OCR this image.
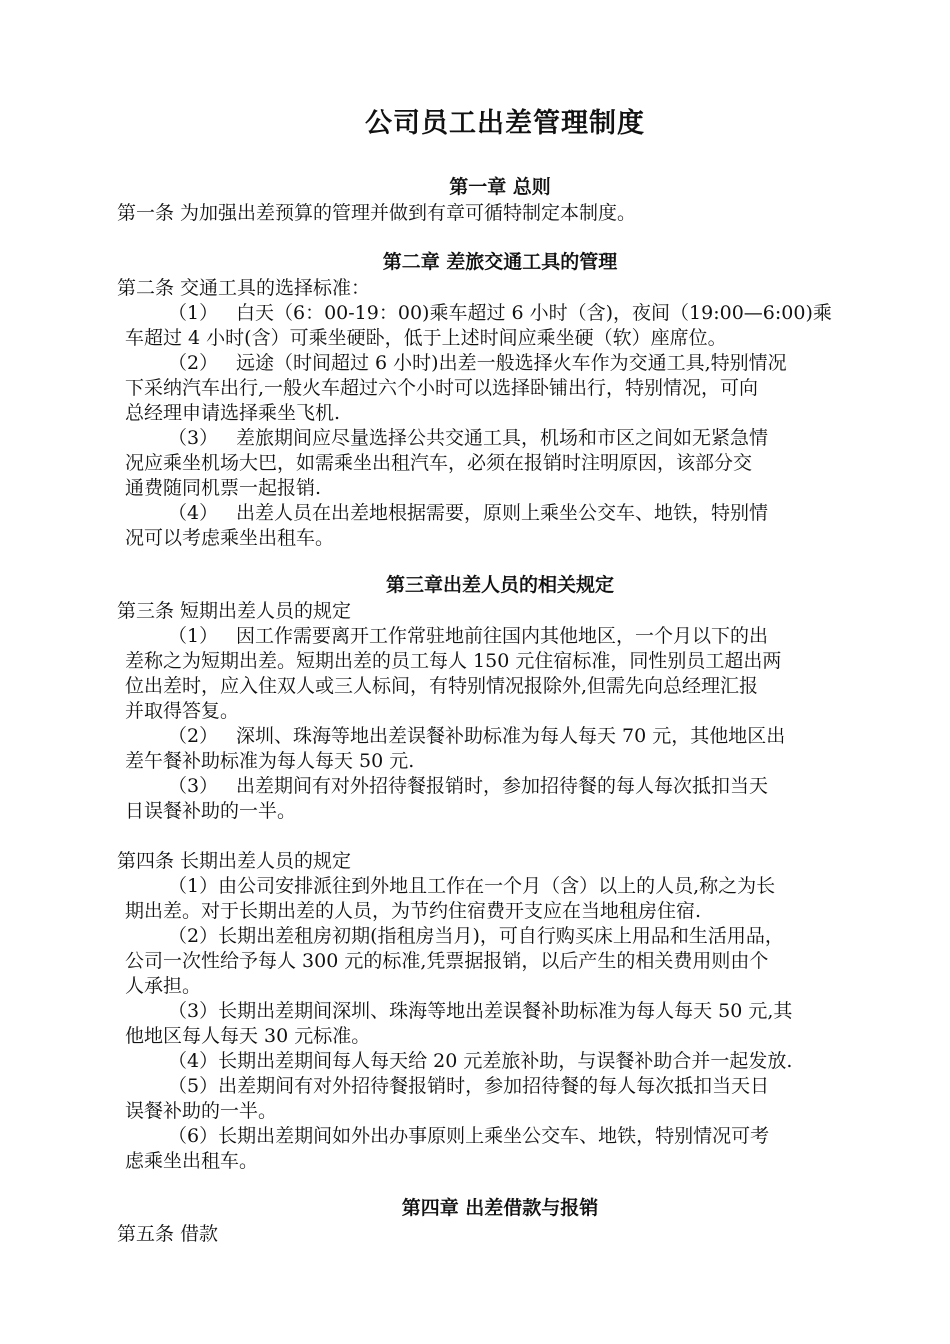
公司员工出差管理制度
第一章 总则
第一条 为加强出差预算的管理并做到有章可循特制定本制度。
第二章 差旅交通工具的管理
第二条 交通工具的选择标准：
（1） 白天（6：00-19：00)乘车超过 6 小时（含)，夜间（19:00—6:00)乘
车超过 4 小时(含）可乘坐硬卧，低于上述时间应乘坐硬（软）座席位。
（2） 远途（时间超过 6 小时)出差一般选择火车作为交通工具,特别情况
下采纳汽车出行,一般火车超过六个小时可以选择卧铺出行，特别情况，可向
总经理申请选择乘坐飞机.
（3） 差旅期间应尽量选择公共交通工具，机场和市区之间如无紧急情
况应乘坐机场大巴，如需乘坐出租汽车，必须在报销时注明原因，该部分交
通费随同机票一起报销.
（4） 出差人员在出差地根据需要，原则上乘坐公交车、地铁，特别情
况可以考虑乘坐出租车。
第三章出差人员的相关规定
第三条 短期出差人员的规定
（1） 因工作需要离开工作常驻地前往国内其他地区，一个月以下的出
差称之为短期出差。短期出差的员工每人 150 元住宿标准，同性别员工超出两
位出差时，应入住双人或三人标间，有特别情况报除外,但需先向总经理汇报
并取得答复。
（2） 深圳、珠海等地出差误餐补助标准为每人每天 70 元，其他地区出
差午餐补助标准为每人每天 50 元.
（3） 出差期间有对外招待餐报销时，参加招待餐的每人每次抵扣当天
日误餐补助的一半。
第四条 长期出差人员的规定
（1）由公司安排派往到外地且工作在一个月（含）以上的人员,称之为长
期出差。对于长期出差的人员，为节约住宿费开支应在当地租房住宿.
（2）长期出差租房初期(指租房当月)，可自行购买床上用品和生活用品，
公司一次性给予每人 300 元的标准,凭票据报销，以后产生的相关费用则由个
人承担。
（3）长期出差期间深圳、珠海等地出差误餐补助标准为每人每天 50 元,其
他地区每人每天 30 元标准。
（4）长期出差期间每人每天给 20 元差旅补助，与误餐补助合并一起发放.
（5）出差期间有对外招待餐报销时，参加招待餐的每人每次抵扣当天日
误餐补助的一半。
（6）长期出差期间如外出办事原则上乘坐公交车、地铁，特别情况可考
虑乘坐出租车。
第四章 出差借款与报销
第五条 借款
